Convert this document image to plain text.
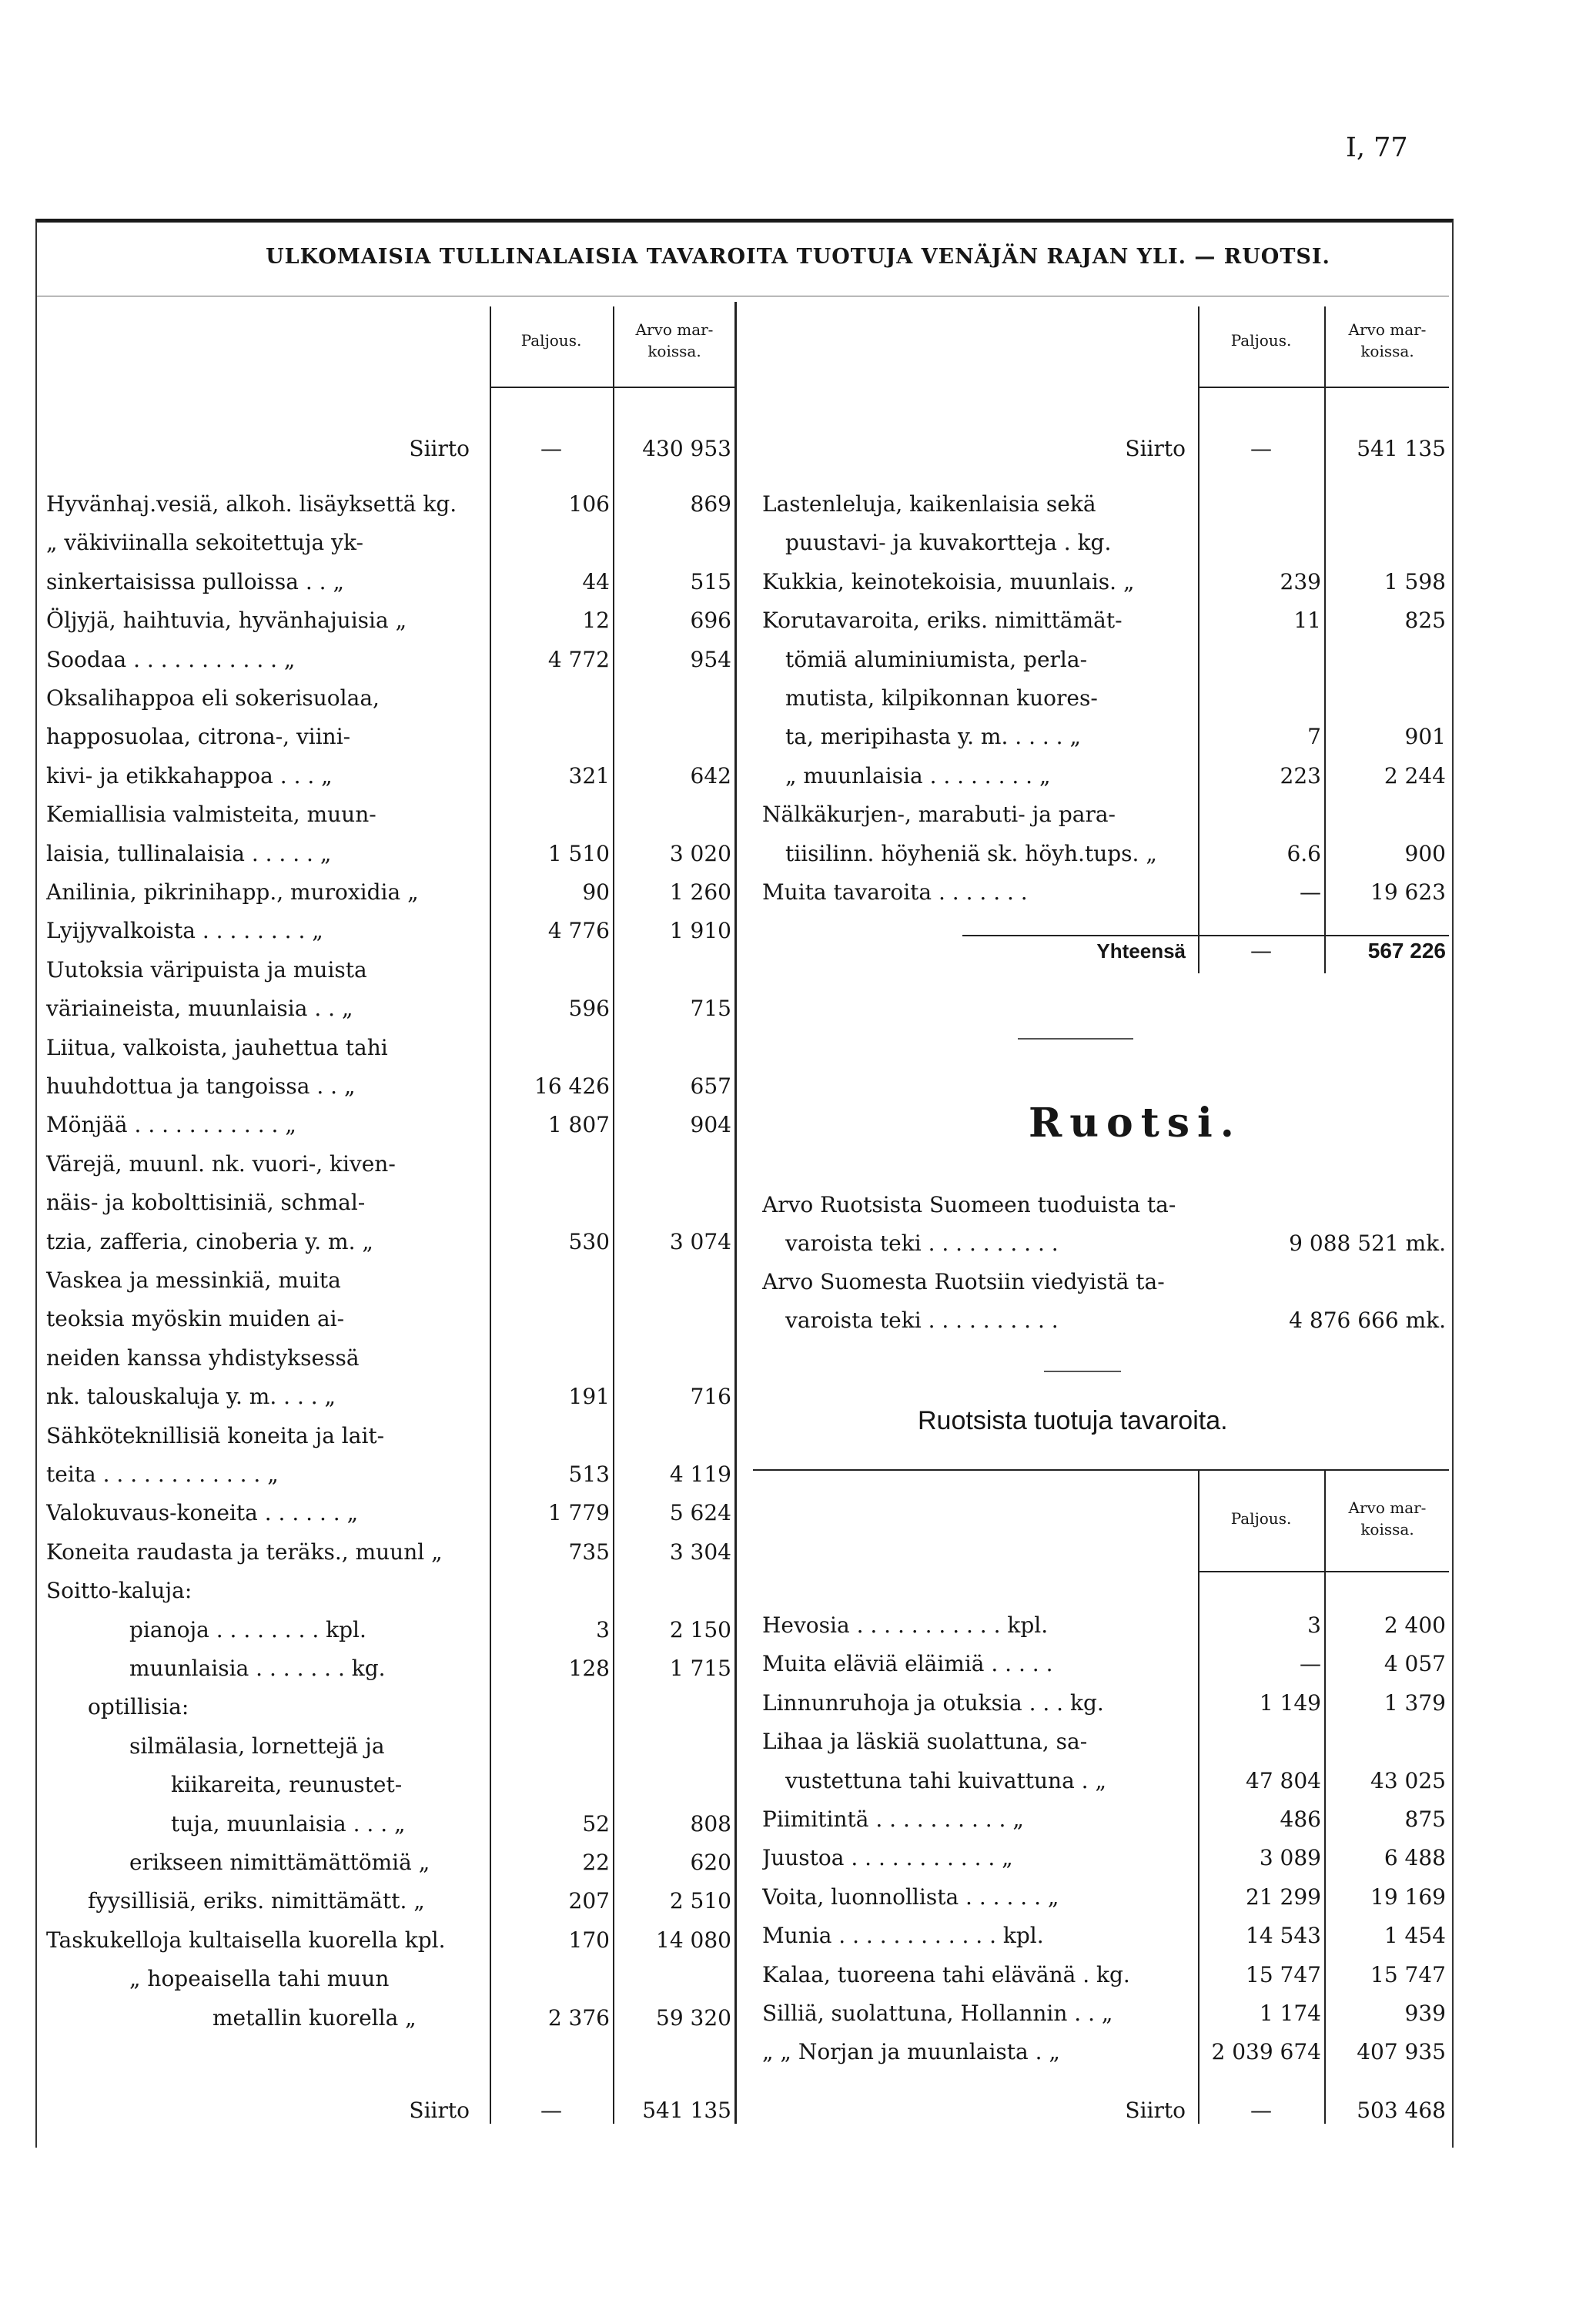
I, 77
ULKOMAISIA TULLINALAISIA TAVAROITA TUOTUJA VENÄJÄN RAJAN YLI. — RUOTSI.
Paljous.
Arvo mar-
koissa.
Paljous.
Arvo mar-
koissa.
Paljous.
Arvo mar-
koissa.
Ruotsi.
Ruotsista tuotuja tavaroita.
Siirto	—	430 953
Hyvänhaj.vesiä, alkoh. lisäyksettä kg.	106	869
„ väkiviinalla sekoitettuja yk-
sinkertaisissa pulloissa . . „	44	515
Öljyjä, haihtuvia, hyvänhajuisia „	12	696
Soodaa . . . . . . . . . . . „	4 772	954
Oksalihappoa eli sokerisuolaa,
happosuolaa, citrona-, viini-
kivi- ja etikkahappoa . . . „	321	642
Kemiallisia valmisteita, muun-
laisia, tullinalaisia . . . . . „	1 510	3 020
Anilinia, pikrinihapp., muroxidia „	90	1 260
Lyijyvalkoista . . . . . . . . „	4 776	1 910
Uutoksia väripuista ja muista
väriaineista, muunlaisia . . „	596	715
Liitua, valkoista, jauhettua tahi
huuhdottua ja tangoissa . . „	16 426	657
Mönjää . . . . . . . . . . . „	1 807	904
Värejä, muunl. nk. vuori-, kiven-
näis- ja kobolttisiniä, schmal-
tzia, zafferia, cinoberia y. m. „	530	3 074
Vaskea ja messinkiä, muita
teoksia myöskin muiden ai-
neiden kanssa yhdistyksessä
nk. talouskaluja y. m. . . . „	191	716
Sähköteknillisiä koneita ja lait-
teita . . . . . . . . . . . . „	513	4 119
Valokuvaus-koneita . . . . . . „	1 779	5 624
Koneita raudasta ja teräks., muunl „	735	3 304
Soitto-kaluja:
pianoja . . . . . . . . kpl.	3	2 150
muunlaisia . . . . . . . kg.	128	1 715
optillisia:
silmälasia, lornettejä ja
kiikareita, reunustet-
tuja, muunlaisia . . . „	52	808
erikseen nimittämättömiä „	22	620
fyysillisiä, eriks. nimittämätt. „	207	2 510
Taskukelloja kultaisella kuorella kpl.	170	14 080
„ hopeaisella tahi muun
metallin kuorella „	2 376	59 320
Siirto	—	541 135
Siirto	—	541 135
Lastenleluja, kaikenlaisia sekä
puustavi- ja kuvakortteja . kg.
Kukkia, keinotekoisia, muunlais. „	239	1 598
Korutavaroita, eriks. nimittämät-	11	825
tömiä aluminiumista, perla-
mutista, kilpikonnan kuores-
ta, meripihasta y. m. . . . . „	7	901
„ muunlaisia . . . . . . . . „	223	2 244
Nälkäkurjen-, marabuti- ja para-
tiisilinn. höyheniä sk. höyh.tups. „	6.6	900
Muita tavaroita . . . . . . .	—	19 623
Yhteensä	—	567 226
Arvo Ruotsista Suomeen tuoduista ta-
varoista teki . . . . . . . . . .	9 088 521 mk.
Arvo Suomesta Ruotsiin viedyistä ta-
varoista teki . . . . . . . . . .	4 876 666 mk.
Hevosia . . . . . . . . . . . kpl.	3	2 400
Muita eläviä eläimiä . . . . .	—	4 057
Linnunruhoja ja otuksia . . . kg.	1 149	1 379
Lihaa ja läskiä suolattuna, sa-
vustettuna tahi kuivattuna . „	47 804	43 025
Piimitintä . . . . . . . . . . „	486	875
Juustoa . . . . . . . . . . . „	3 089	6 488
Voita, luonnollista . . . . . . „	21 299	19 169
Munia . . . . . . . . . . . . kpl.	14 543	1 454
Kalaa, tuoreena tahi elävänä . kg.	15 747	15 747
Silliä, suolattuna, Hollannin . . „	1 174	939
„ „ Norjan ja muunlaista . „	2 039 674	407 935
Siirto	—	503 468
